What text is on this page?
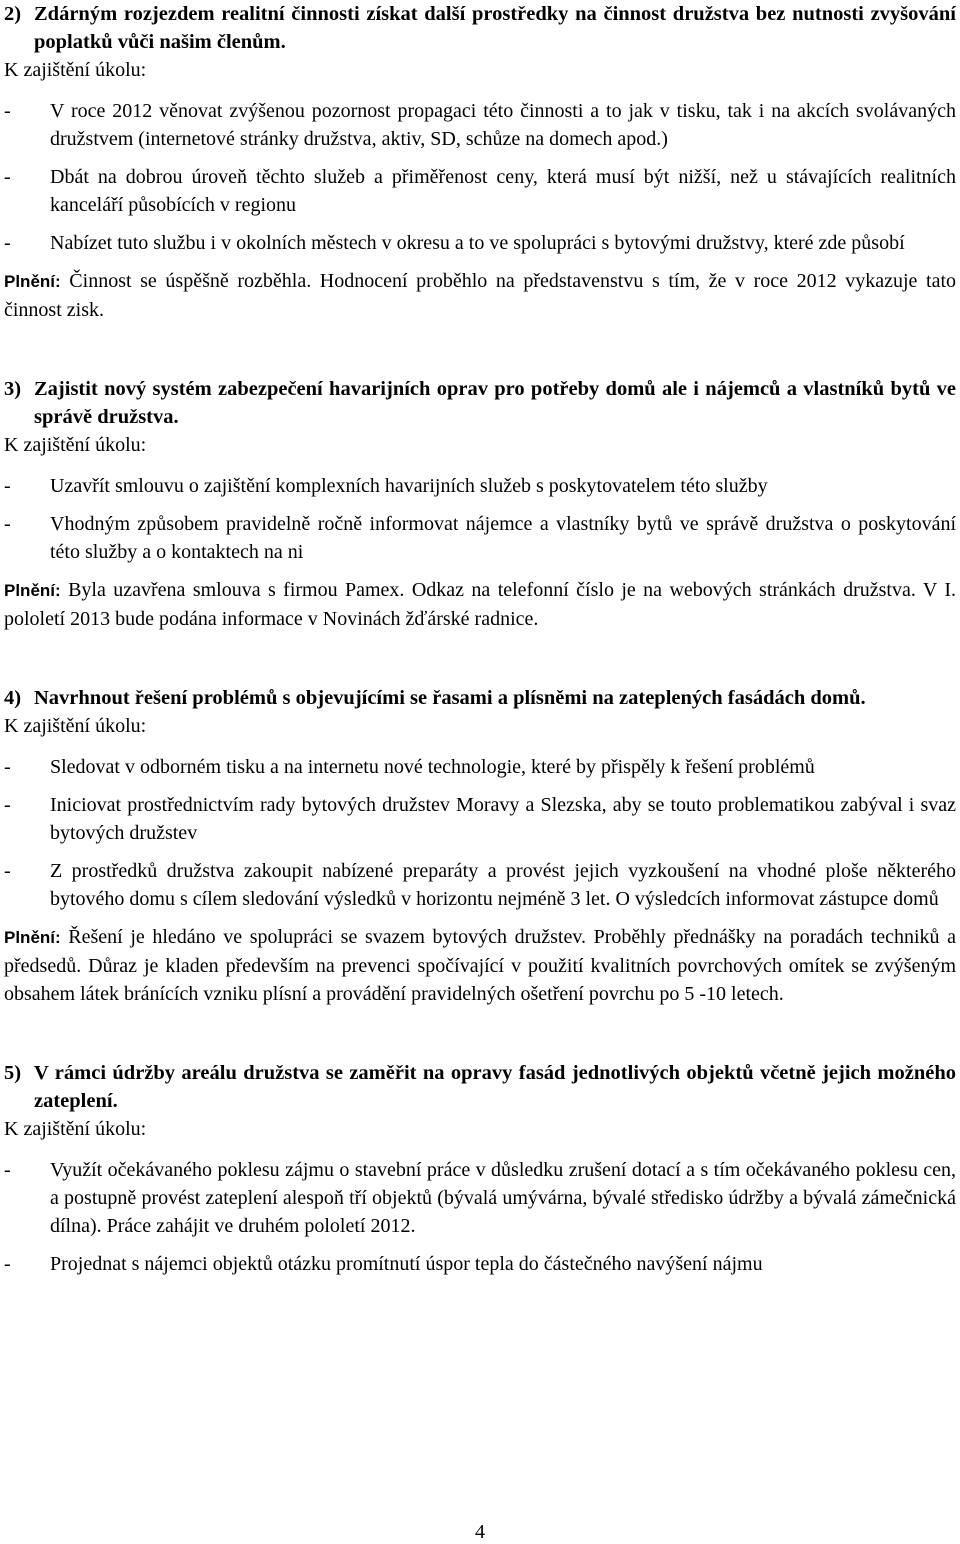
2) Zdárným rozjezdem realitní činnosti získat další prostředky na činnost družstva bez nutnosti zvyšování poplatků vůči našim členům.

K zajištění úkolu:

- V roce 2012 věnovat zvýšenou pozornost propagaci této činnosti a to jak v tisku, tak i na akcích svolávaných družstvem (internetové stránky družstva, aktiv, SD, schůze na domech apod.)
- Dbát na dobrou úroveň těchto služeb a přiměřenost ceny, která musí být nižší, než u stávajících realitních kanceláří působících v regionu
- Nabízet tuto službu i v okolních městech v okresu a to ve spolupráci s bytovými družstvy, které zde působí

Plnění: Činnost se úspěšně rozběhla. Hodnocení proběhlo na představenstvu s tím, že v roce 2012 vykazuje tato činnost zisk.

3) Zajistit nový systém zabezpečení havarijních oprav pro potřeby domů ale i nájemců a vlastníků bytů ve správě družstva.

K zajištění úkolu:

- Uzavřít smlouvu o zajištění komplexních havarijních služeb s poskytovatelem této služby
- Vhodným způsobem pravidelně ročně informovat nájemce a vlastníky bytů ve správě družstva o poskytování této služby a o kontaktech na ni

Plnění: Byla uzavřena smlouva s firmou Pamex. Odkaz na telefonní číslo je na webových stránkách družstva. V I. pololetí 2013 bude podána informace v Novinách žďárské radnice.

4) Navrhnout řešení problémů s objevujícími se řasami a plísněmi na zateplených fasádách domů.

K zajištění úkolu:

- Sledovat v odborném tisku a na internetu nové technologie, které by přispěly k řešení problémů
- Iniciovat prostřednictvím rady bytových družstev Moravy a Slezska, aby se touto problematikou zabýval i svaz bytových družstev
- Z prostředků družstva zakoupit nabízené preparáty a provést jejich vyzkoušení na vhodné ploše některého bytového domu s cílem sledování výsledků v horizontu nejméně 3 let. O výsledcích informovat zástupce domů

Plnění: Řešení je hledáno ve spolupráci se svazem bytových družstev. Proběhly přednášky na poradách techniků a předsedů. Důraz je kladen především na prevenci spočívající v použití kvalitních povrchových omítek se zvýšeným obsahem látek bránících vzniku plísní a provádění pravidelných ošetření povrchu po 5 -10 letech.

5) V rámci údržby areálu družstva se zaměřit na opravy fasád jednotlivých objektů včetně jejich možného zateplení.

K zajištění úkolu:

- Využít očekávaného poklesu zájmu o stavební práce v důsledku zrušení dotací a s tím očekávaného poklesu cen, a postupně provést zateplení alespoň tří objektů (bývalá umývárna, bývalé středisko údržby a bývalá zámečnická dílna). Práce zahájit ve druhém pololetí 2012.
- Projednat s nájemci objektů otázku promítnutí úspor tepla do částečného navýšení nájmu
4
